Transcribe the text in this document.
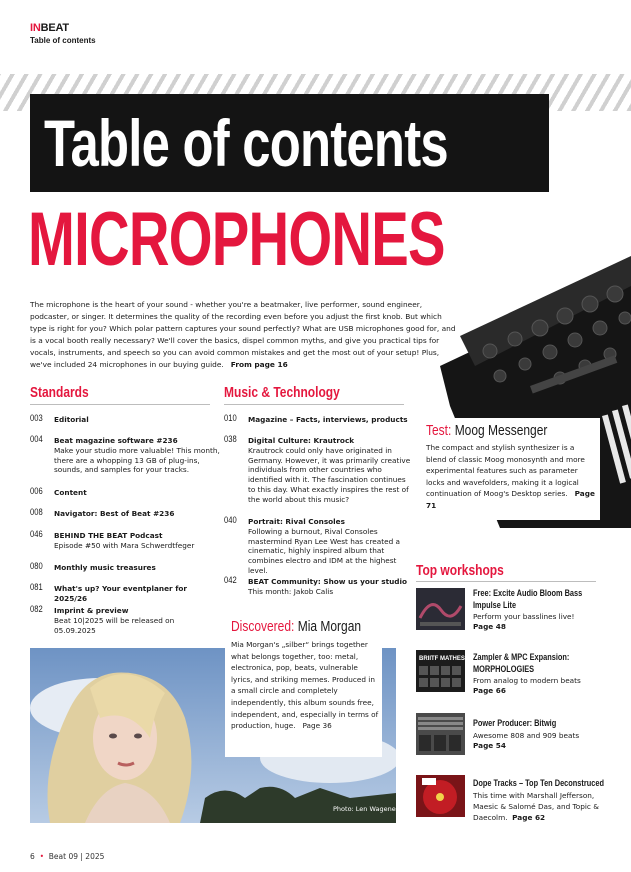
INBEAT
Table of contents
Table of contents
MICROPHONES
The microphone is the heart of your sound - whether you're a beatmaker, live performer, sound engineer, podcaster, or singer. It determines the quality of the recording even before you adjust the first knob. But which type is right for you? Which polar pattern captures your sound perfectly? What are USB microphones good for, and is a vocal booth really necessary? We'll cover the basics, dispel common myths, and give you practical tips for vocals, instruments, and speech so you can avoid common mistakes and get the most out of your setup! Plus, we've included 24 microphones in our buying guide. From page 16
Standards
003 Editorial
004 Beat magazine software #236
Make your studio more valuable! This month, there are a whopping 13 GB of plug-ins, sounds, and samples for your tracks.
006 Content
008 Navigator: Best of Beat #236
046 BEHIND THE BEAT Podcast
Episode #50 with Mara Schwerdtfeger
080 Monthly music treasures
081 What's up? Your eventplaner for 2025/26
082 Imprint & preview
Beat 10|2025 will be released on 05.09.2025
Music & Technology
010 Magazine – Facts, interviews, products
038 Digital Culture: Krautrock
Krautrock could only have originated in Germany. However, it was primarily creative individuals from other countries who identified with it. The fascination continues to this day. What exactly inspires the rest of the world about this music?
040 Portrait: Rival Consoles
Following a burnout, Rival Consoles mastermind Ryan Lee West has created a cinematic, highly inspired album that combines electro and IDM at the highest level.
042 BEAT Community: Show us your studio
This month: Jakob Calis
Test: Moog Messenger
The compact and stylish synthesizer is a blend of classic Moog monosynth and more experimental features such as parameter locks and wavefolders, making it a logical continuation of Moog's Desktop series. Page 71
Top workshops
Free: Excite Audio Bloom Bass Impulse Lite
Perform your basslines live!
Page 48
BRIITF MATHES Zampler & MPC Expansion: MORPHOLOGIES
From analog to modern beats
Page 66
Power Producer: Bitwig
Awesome 808 and 909 beats
Page 54
Dope Tracks – Top Ten Deconstruced
This time with Marshall Jefferson, Maesic & Salomé Das, and Topic & Daecolm. Page 62
Photo: Len Wagener
Discovered: Mia Morgan
Mia Morgan's „silber“ brings together what belongs together, too: metal, electronica, pop, beats, vulnerable lyrics, and striking memes. Produced in a small circle and completely independently, this album sounds free, independent, and, especially in terms of production, huge. Page 36
6 • Beat 09 | 2025
